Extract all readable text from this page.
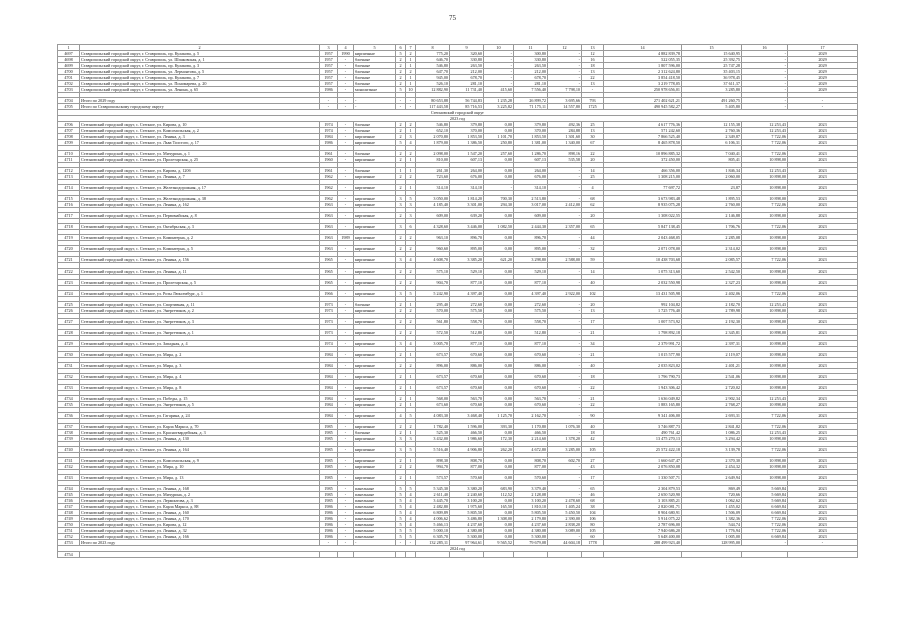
75
1	2	3	4	5	6	7	8	9	10	11	12	13	14	15	16	17
4697	Ставропольский городской округ, г. Ставрополь, пр. Кулакова, д. 5	1957	1990	кирпичные	5	2	775,20	320,60	-	300,80	-	12	4 882 839,78	15 640,95	-	2029
4698	Ставропольский городской округ, г. Ставрополь, ул. Шпаковская, д. 1	1957	-	блочные	2	1	646,70	330,80	-	330,80	-	16	522 055,35	25 392,75	-	2029
4699	Ставропольский городской округ, г. Ставрополь, пр. Кулакова, д. 3	1957	-	блочные	2	1	546,80	263,50	-	263,50	-	18	1 807 596,00	25 747,28	-	2029
4700	Ставропольский городской округ, г. Ставрополь, ул. Лермонтова, д. 5	1957	-	блочные	2	2	647,70	212,00	-	212,00	-	13	2 312 624,80	35 403,15	-	2029
4701	Ставропольский городской округ, г. Ставрополь, пр. Кулакова, д. 7	1957	-	блочные	2	1	945,00	678,70	-	678,70	-	22	3 854 418,50	36 978,45	-	2029
4702	Ставропольский городской округ, г. Ставрополь, ул. Пономарева, д. 20	1957	-	блочные	2	1	526,10	281,10	-	281,10	-	13	3 219 778,05	37 611,37	-	2029
4703	Ставропольский городской округ, г. Ставрополь, ул. Ленина, д. 65	1986	-	монолитные	5	10	12 882,90	11 731,40	415,60	7 556,40	7 798,10	-	250 978 656,01	3 285,80	-	2029

4704	Итого по 2029 году	-	-	-	-	-	80 653,88	56 744,83	1 235,28	26 899,72	3 695,66	793	271 402 621,21	491 260,75	-	-
4705	Итого по Ставропольскому городскому округу	-	-	-	-	-	117 443,58	85 716,53	3 225,82	71 175,11	14 557,80	1725	490 945 582,27	5 405,80	-	-
Степновский городской округ																
2023 год																
4706	Степновский городской округ, с. Степное, ул. Кирова, д. 10	1974	-	блочные	2	2	546,80	379,80	0,00	379,80	492,36	25	4 617 776,36	12 155,38	12 253,43	2023
4707	Степновский городской округ, с. Степное, ул. Комсомольская, д. 2	1974	-	блочные	2	1	652,10	370,00	0,00	370,00	284,88	13	571 242,60	2 760,36	12 253,43	2023
4708	Степновский городской округ, с. Степное, ул. Ленина, д. 3	1984	-	кирпичные	2	3	2 070,80	1 853,50	1 101,70	1 853,50	1 301,60	30	7 866 525,40	2 349,87	7 722,06	2023
4709	Степновский городской округ, с. Степное, ул. Льва Толстого, д. 17	1986	-	кирпичные	5	4	1 879,00	1 386,50	250,80	1 381,00	1 340,00	67	8 465 878,50	6 106,31	7 722,06	2023

4710	Степновский городской округ, с. Степное, ул. Мичурина, д. 1	1961	-	блочные	2	2	2 098,00	1 547,20	257,60	1 286,70	898,16	22	10 896 885,32	7 040,41	7 722,06	2023
4711	Степновский городской округ, с. Степное, ул. Пролетарская, д. 25	1960	-	кирпичные	2	1	810,00	607,13	0,00	607,13	535,58	20	372 450,00	805,41	10 898,00	2023

4712	Степновский городской округ, с. Степное, ул. Кирова, д. 120б	1961	-	блочные	1	1	261,30	264,00	0,00	264,00	-	14	466 356,00	1 846,34	12 253,43	2023
4713	Степновский городской округ, с. Степное, ул. Ленина, д. 7	1962	-	кирпичные	2	2	723,60	676,00	0,00	676,00	-	25	1 308 215,00	2 060,00	10 898,00	2023

4714	Степновский городской округ, с. Степное, ул. Железнодорожная, д. 17	1962	-	кирпичные	2	1	314,10	314,10	-	314,10	-	4	77 697,72	23,87	10 898,00	2023

4715	Степновский городской округ, с. Степное, ул. Железнодорожная, д. 38	1962	-	кирпичные	3	5	3 050,00	1 814,20	700,30	2 513,80	-	68	3 673 983,48	1 895,53	10 898,00	2023
4716	Степновский городской округ, с. Степное, ул. Ленина, д. 162	1963	-	кирпичные	3	3	4 185,40	3 301,00	294,30	3 017,00	2 412,00	62	8 935 075,28	2 760,00	7 722,06	2023

4717	Степновский городской округ, с. Степное, ул. Первомайская, д. 8	1963	-	кирпичные	2	3	609,00	639,20	0,00	609,00	-	20	1 308 022,55	2 146,88	10 898,00	2023

4718	Степновский городской округ, с. Степное, ул. Октябрьская, д. 3	1963	-	кирпичные	3	6	4 328,60	3 446,00	1 082,50	2 444,30	2 357,00	65	5 847 138,45	1 706,76	7 722,06	2023

4719	Степновский городской округ, с. Степное, ул. Коминтерна, д. 2	1963	1989	кирпичные	2	2	963,10	896,70	0,00	896,70	-	44	2 043 468,05	2 285,08	10 898,00	2023

4720	Степновский городской округ, с. Степное, ул. Коминтерна, д. 5	1963	-	кирпичные	2	2	960,60	895,00	0,00	895,00	-	32	2 071 078,00	2 314,02	10 898,00	2023

4721	Степновский городской округ, с. Степное, ул. Ленина, д. 156	1965	-	кирпичные	3	4	4 608,70	3 385,20	621,20	3 298,80	2 588,00	59	10 438 703,68	2 085,57	7 722,06	2023

4722	Степновский городской округ, с. Степное, ул. Ленина, д. 11	1965	-	кирпичные	2	2	575,10	529,10	0,00	529,10	-	14	1 075 313,60	2 542,50	10 898,00	2023

4723	Степновский городской округ, с. Степное, ул. Пролетарская, д. 5	1965	-	кирпичные	2	2	904,70	877,10	0,00	877,10	-	40	2 032 550,98	2 327,23	10 898,00	2023

4724	Степновский городской округ, с. Степное, ул. Розы Люксембург, д. 1	1966	-	кирпичные	3	5	5 242,90	4 397,40	0,00	4 397,40	2 922,00	102	13 431 505,98	2 402,06	7 722,06	2023

4725	Степновский городской округ, с. Степное, ул. Спортивная, д. 11	1973	-	блочные	2	1	295,40	272,60	0,00	272,60	-	20	992 104,82	2 182,70	12 253,43	2023
4726	Степновский городской округ, с. Степное, ул. Энергетиков, д. 2	1973	-	кирпичные	2	2	570,00	575,50	0,00	575,50	-	13	1 725 776,40	2 789,98	10 898,00	2023

4727	Степновский городской округ, с. Степное, ул. Энергетиков, д. 3	1973	-	кирпичные	2	2	561,80	558,70	0,00	558,70	-	17	1 007 573,92	2 192,30	10 898,00	2023

4728	Степновский городской округ, с. Степное, ул. Энергетиков, д. 1	1973	-	кирпичные	2	2	572,50	512,80	0,00	512,80	-	21	1 798 892,18	2 345,81	10 898,00	2023

4729	Степновский городской округ, с. Степное, ул. Западная, д. 4	1974	-	кирпичные	3	4	3 005,70	877,10	0,00	877,10	-	34	2 379 991,72	2 397,31	10 898,00	2023

4730	Степновский городской округ, с. Степное, ул. Мира, д. 2	1984	-	кирпичные	2	1	673,57	670,60	0,00	670,60	-	21	1 015 577,90	2 119,07	10 898,00	2023

4731	Степновский городской округ, с. Степное, ул. Мира, д. 3	1984	-	кирпичные	2	2	896,00	886,00	0,00	886,00	-	40	2 035 823,02	2 401,21	10 898,00	2023

4732	Степновский городской округ, с. Степное, ул. Мира, д. 4	1984	-	кирпичные	2	1	673,57	670,60	0,00	670,60	-	18	1 796 790,73	2 541,06	10 898,00	2023

4733	Степновский городской округ, с. Степное, ул. Мира, д. 8	1984	-	кирпичные	2	1	673,57	670,60	0,00	670,60	-	22	1 943 306,42	2 720,02	10 898,00	2023

4734	Степновский городской округ, с. Степное, ул. Победы, д. 15	1984	-	кирпичные	2	1	568,00	563,70	0,00	563,70	-	21	1 636 049,82	2 902,34	12 253,43	2023
4735	Степновский городской округ, с. Степное, ул. Энергетиков, д. 5	1984	-	кирпичные	2	1	673,60	670,60	0,00	670,60	-	22	1 883 165,80	2 768,27	10 898,00	2023

4736	Степновский городской округ, с. Степное, ул. Гагарина, д. 24	1984	-	кирпичные	4	5	4 083,30	3 468,40	1 125,70	2 162,70	-	90	9 341 406,00	2 693,31	7 722,06	2023

4737	Степновский городской округ, с. Степное, ул. Карла Маркса, д. 70	1985	-	кирпичные	2	2	1 782,40	1 596,00	393,30	1 170,80	1 076,30	40	3 746 887,73	2 841,82	7 722,06	2023
4738	Степновский городской округ, с. Степное, ул. Красногвардейская, д. 3	1985	-	блочные	2	1	525,30	466,50	0,00	466,50	-	18	490 761,42	1 086,25	12 253,43	2023
4739	Степновский городской округ, с. Степное, ул. Ленина, д. 130	1985	-	кирпичные	3	3	3 432,00	1 986,60	172,30	2 214,60	1 378,20	42	13 475 270,13	3 294,42	10 898,00	2023

4740	Степновский городской округ, с. Степное, ул. Ленина, д. 164	1985	-	кирпичные	3	5	5 516,40	4 906,80	262,20	4 672,80	3 285,00	105	25 572 422,18	3 139,78	7 722,06	2023

4741	Степновский городской округ, с. Степное, ул. Комсомольская, д. 9	1985	-	кирпичные	2	1	898,30	808,70	0,00	808,70	602,70	27	1 660 647,47	2 370,30	10 898,00	2023
4742	Степновский городской округ, с. Степное, ул. Мира, д. 10	1985	-	кирпичные	2	2	994,70	877,00	0,00	877,00	-	43	2 076 850,08	2 454,32	10 898,00	2023

4743	Степновский городской округ, с. Степное, ул. Мира, д. 13	1985	-	кирпичные	2	1	573,57	570,60	0,00	570,60	-	17	1 330 507,71	2 649,94	10 898,00	2023

4744	Степновский городской округ, с. Степное, ул. Ленина, д. 168	1985	-	панельные	5	5	5 345,30	3 380,20	683,90	3 379,40	-	65	2 304 879,53	869,49	5 669,84	2023
4745	Степновский городской округ, с. Степное, ул. Мичурина, д. 2	1985	-	панельные	5	4	2 611,40	2 240,60	112,52	2 128,08	-	46	2 650 520,90	720,66	5 669,84	2023
4746	Степновский городской округ, с. Степное, ул. Лермонтова, д. 3	1985	-	панельные	5	4	3 445,70	3 100,20	0,00	3 100,20	2 478,60	68	3 103 885,21	1 062,62	5 669,84	2023
4747	Степновский городской округ, с. Степное, ул. Карла Маркса, д. 88	1986	-	панельные	5	4	2 482,80	1 975,60	165,50	1 810,10	1 405,24	38	2 820 081,71	1 455,02	6 669,84	2023
4748	Степновский городской округ, с. Степное, ул. Ленина, д. 160	1986	-	панельные	5	4	6 809,89	5 805,50	0,00	5 805,50	5 450,50	104	8 904 680,91	1 506,09	6 669,84	2023
4749	Степновский городской округ, с. Степное, ул. Ленина, д. 170	1986	-	панельные	5	4	4 006,62	3 486,80	1 308,00	2 179,80	2 390,00	106	5 914 075,22	1 382,36	7 722,06	2023
4750	Степновский городской округ, с. Степное, ул. Кирова, д. 12	1986	-	панельные	5	4	5 466,13	4 237,60	0,00	4 237,60	2 838,20	80	2 787 696,00	544,74	7 722,06	2023
4751	Степновский городской округ, с. Степное, ул. Ленина, д. 32	1986	-	панельные	5	5	5 000,10	4 380,08	0,00	4 380,08	3 089,00	105	7 940 686,20	1 776,94	7 722,06	2023
4752	Степновский городской округ, с. Степное, ул. Ленина, д. 166	1986	-	панельные	5	5	6 305,70	5 300,00	0,00	5 300,00	-	60	5 648 400,00	1 005,00	6 669,84	2023
4753	Итого по 2023 году	-	-	-	-	-	132 285,11	97 964,61	9 565,52	79 679,08	44 604,18	1778	288 499 923,40	128 995,00	-	-
2024 год																
4754																
